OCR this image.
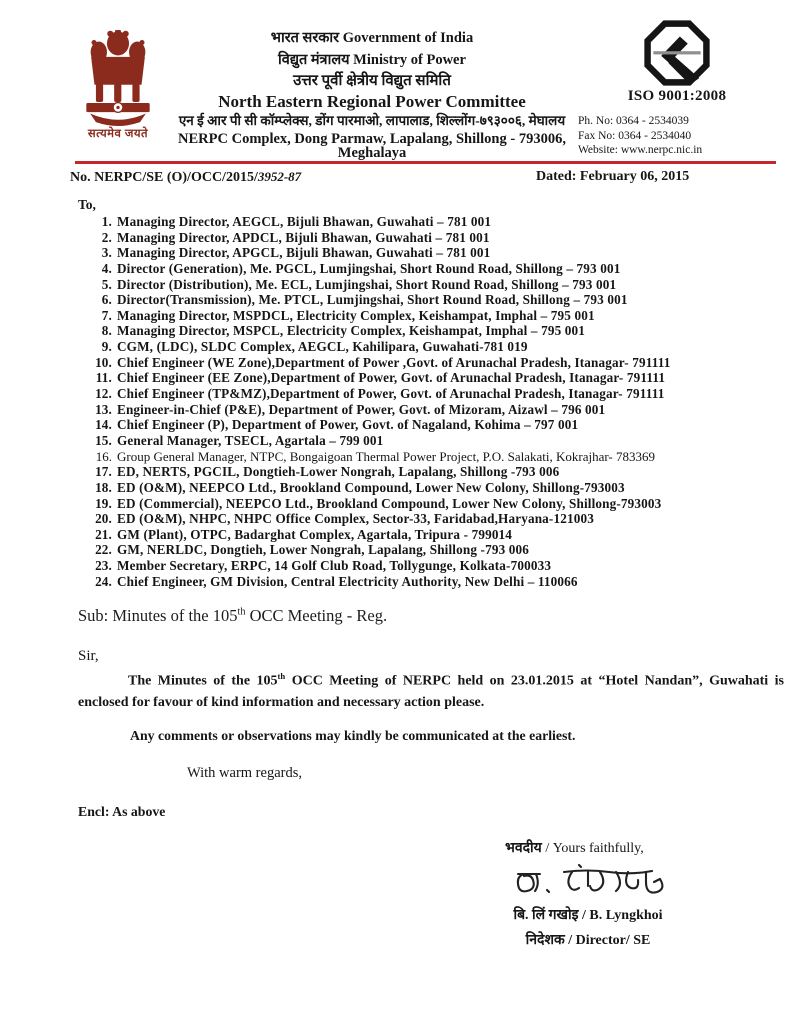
सत्यमेव जयते
भारत सरकार Government of India
विद्युत मंत्रालय Ministry of Power
उत्तर पूर्वी क्षेत्रीय विद्युत समिति
North Eastern Regional Power Committee
एन ई आर पी सी कॉम्प्लेक्स, डोंग पारमाओ, लापालाड, शिल्लोंग-७९३००६, मेघालय
NERPC Complex, Dong Parmaw, Lapalang, Shillong - 793006, Meghalaya
ISO 9001:2008
Ph. No: 0364 - 2534039
Fax No: 0364 - 2534040
Website: www.nerpc.nic.in
No. NERPC/SE (O)/OCC/2015/3952-87	Dated: February 06, 2015
To,
1. Managing Director, AEGCL, Bijuli Bhawan, Guwahati – 781 001
2. Managing Director, APDCL, Bijuli Bhawan, Guwahati – 781 001
3. Managing Director, APGCL, Bijuli Bhawan, Guwahati – 781 001
4. Director (Generation), Me. PGCL, Lumjingshai, Short Round Road, Shillong – 793 001
5. Director (Distribution), Me. ECL, Lumjingshai, Short Round Road, Shillong – 793 001
6. Director(Transmission), Me. PTCL, Lumjingshai, Short Round Road, Shillong – 793 001
7. Managing Director, MSPDCL, Electricity Complex, Keishampat, Imphal – 795 001
8. Managing Director, MSPCL, Electricity Complex, Keishampat, Imphal – 795 001
9. CGM, (LDC), SLDC Complex, AEGCL, Kahilipara, Guwahati-781 019
10. Chief Engineer (WE Zone),Department of Power ,Govt. of Arunachal Pradesh, Itanagar- 791111
11. Chief Engineer (EE Zone),Department of Power, Govt. of Arunachal Pradesh, Itanagar- 791111
12. Chief Engineer (TP&MZ),Department of Power, Govt. of Arunachal Pradesh, Itanagar- 791111
13. Engineer-in-Chief (P&E), Department of Power, Govt. of Mizoram, Aizawl – 796 001
14. Chief Engineer (P), Department of Power, Govt. of Nagaland, Kohima – 797 001
15. General Manager, TSECL, Agartala – 799 001
16. Group General Manager, NTPC, Bongaigoan Thermal Power Project, P.O. Salakati, Kokrajhar- 783369
17. ED, NERTS, PGCIL, Dongtieh-Lower Nongrah, Lapalang, Shillong -793 006
18. ED (O&M), NEEPCO Ltd., Brookland Compound, Lower New Colony, Shillong-793003
19. ED (Commercial), NEEPCO Ltd., Brookland Compound, Lower New Colony, Shillong-793003
20. ED (O&M), NHPC, NHPC Office Complex, Sector-33, Faridabad,Haryana-121003
21. GM (Plant), OTPC, Badarghat Complex, Agartala, Tripura - 799014
22. GM, NERLDC, Dongtieh, Lower Nongrah, Lapalang, Shillong -793 006
23. Member Secretary, ERPC, 14 Golf Club Road, Tollygunge, Kolkata-700033
24. Chief Engineer, GM Division, Central Electricity Authority, New Delhi – 110066
Sub: Minutes of the 105th OCC Meeting - Reg.
Sir,
The Minutes of the 105th OCC Meeting of NERPC held on 23.01.2015 at “Hotel Nandan”, Guwahati is enclosed for favour of kind information and necessary action please.
Any comments or observations may kindly be communicated at the earliest.
With warm regards,
Encl: As above
भवदीय / Yours faithfully,
बि. लिं गखोइ / B. Lyngkhoi
निदेशक / Director/ SE
